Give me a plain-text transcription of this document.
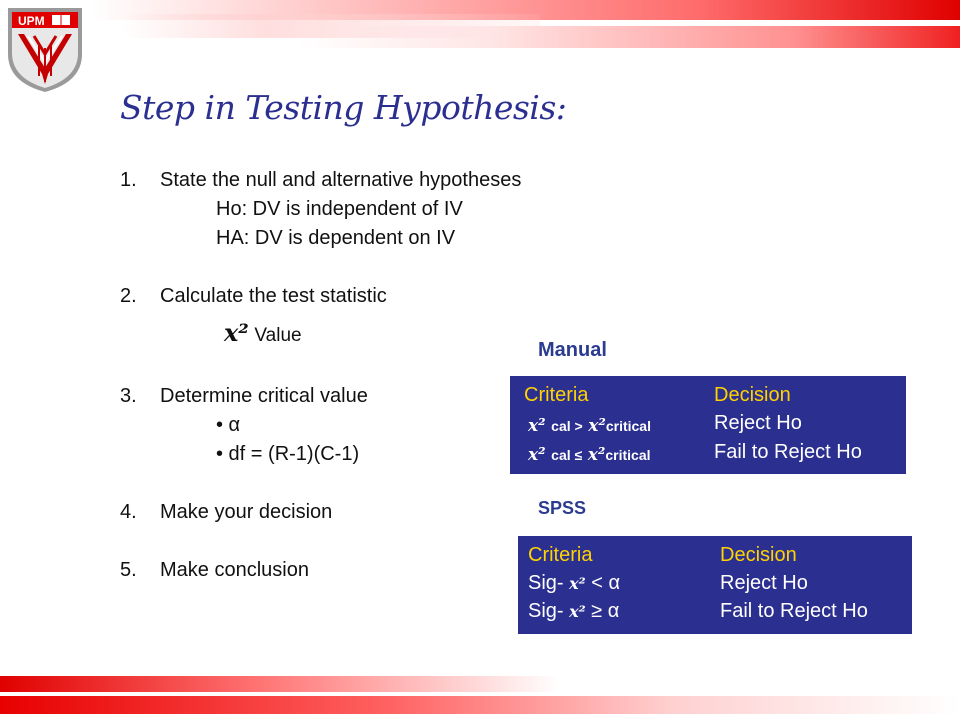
UPM
Step in Testing Hypothesis:
1. State the null and alternative hypotheses
Ho: DV is independent of IV
HA: DV is dependent on IV
2. Calculate the test statistic
x² Value
3. Determine critical value
• α
• df = (R-1)(C-1)
4. Make your decision
5. Make conclusion
Manual
Criteria	Decision
x² cal > x²critical	Reject Ho
x² cal ≤ x²critical	Fail to Reject Ho
SPSS
Criteria	Decision
Sig- x² < α	Reject Ho
Sig- x² ≥ α	Fail to Reject Ho
